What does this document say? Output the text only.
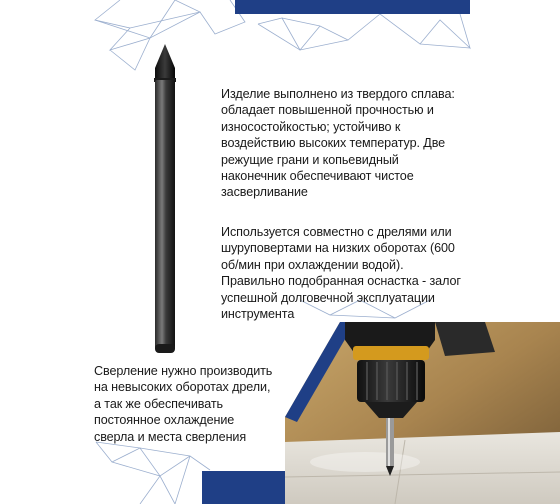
Изделие выполнено из твердого сплава:
обладает повышенной прочностью и
износостойкостью; устойчиво к
воздействию высоких температур. Две
режущие грани и копьевидный
наконечник обеспечивают чистое
засверливание
Используется совместно с дрелями или
шуруповертами на низких оборотах (600
об/мин при охлаждении водой).
Правильно подобранная оснастка - залог
успешной долговечной эксплуатации
инструмента
Сверление нужно производить
на невысоких оборотах дрели,
а так же обеспечивать
постоянное охлаждение
сверла и места сверления
